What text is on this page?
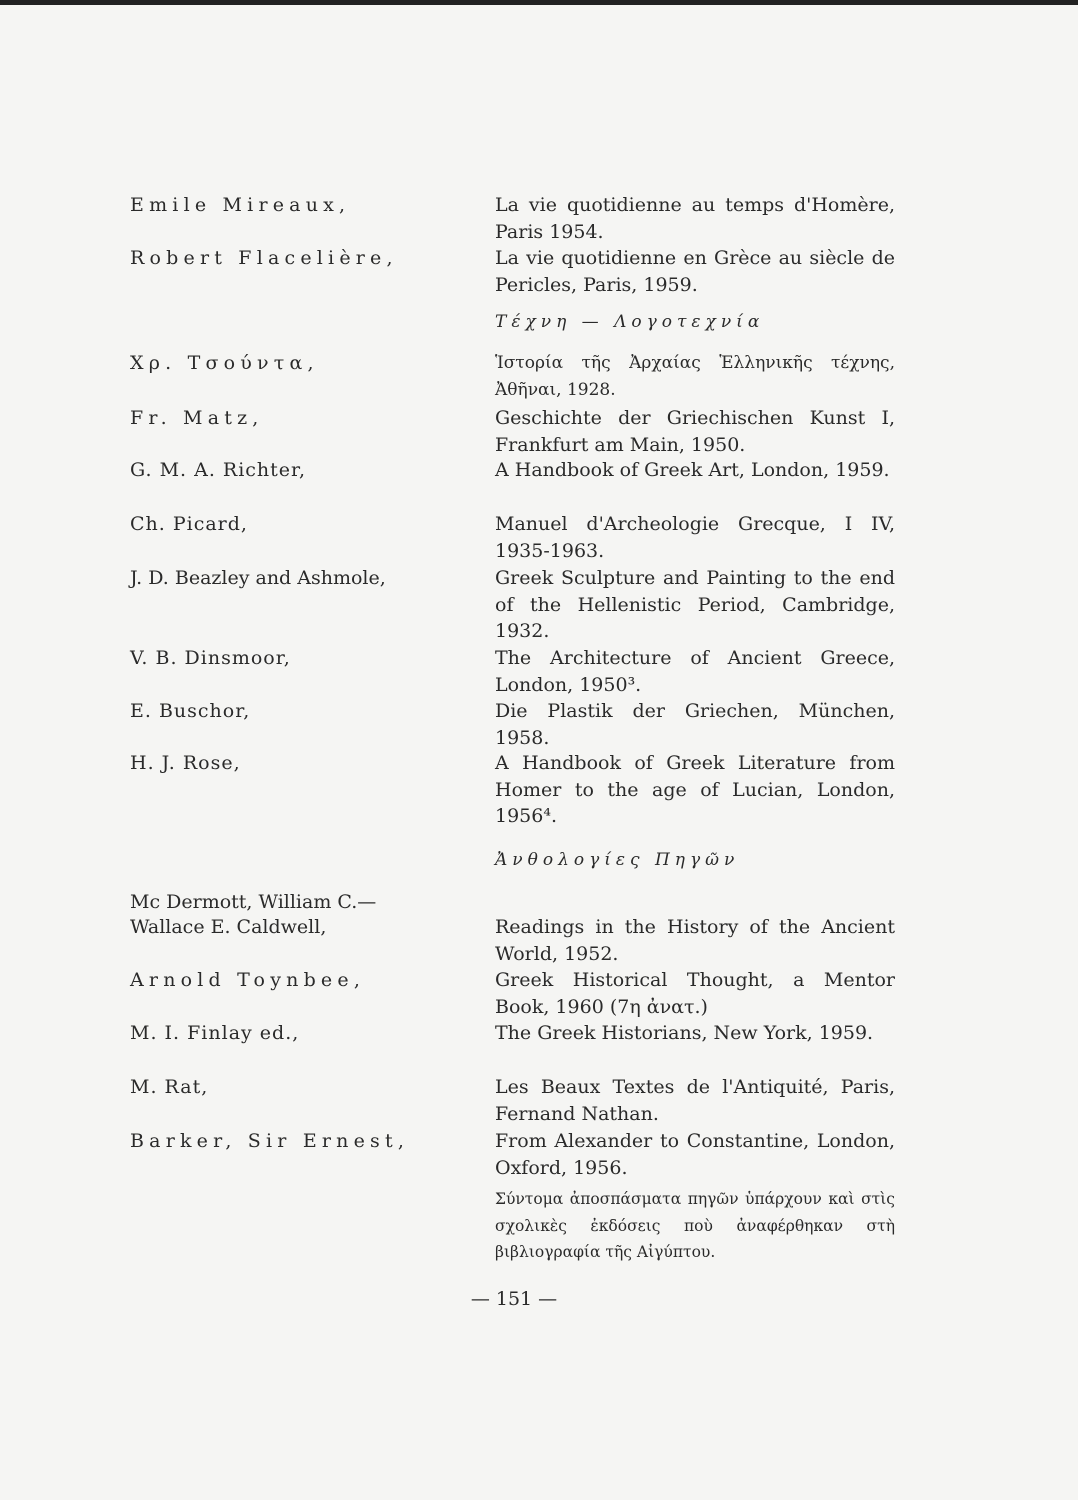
Emile Mireaux,	La vie quotidienne au temps d'Homère, Paris 1954.
Robert Flacelière,	La vie quotidienne en Grèce au siècle de Pericles, Paris, 1959.
Τέχνη — Λογοτεχνία
Χρ. Τσούντα,	Ἱστορία τῆς Ἀρχαίας Ἑλληνικῆς τέχνης, Ἀθῆναι, 1928.
Fr. Matz,	Geschichte der Griechischen Kunst I, Frankfurt am Main, 1950.
G. M. A. Richter,	A Handbook of Greek Art, London, 1959.
Ch. Picard,	Manuel d'Archeologie Grecque, I IV, 1935-1963.
J. D. Beazley and Ashmole,	Greek Sculpture and Painting to the end of the Hellenistic Period, Cambridge, 1932.
V. B. Dinsmoor,	The Architecture of Ancient Greece, London, 1950³.
E. Buschor,	Die Plastik der Griechen, München, 1958.
H. J. Rose,	A Handbook of Greek Literature from Homer to the age of Lucian, London, 1956⁴.
Ἀνθολογίες Πηγῶν
Mc Dermott, William C.—
Wallace E. Caldwell,	Readings in the History of the Ancient World, 1952.
Arnold Toynbee,	Greek Historical Thought, a Mentor Book, 1960 (7η ἀνατ.)
M. I. Finlay ed.,	The Greek Historians, New York, 1959.
M. Rat,	Les Beaux Textes de l'Antiquité, Paris, Fernand Nathan.
Barker, Sir Ernest,	From Alexander to Constantine, London, Oxford, 1956.
Σύντομα ἀποσπάσματα πηγῶν ὑπάρχουν καὶ στὶς σχολικὲς ἐκδόσεις ποὺ ἀναφέρθηκαν στὴ βιβλιογραφία τῆς Αἰγύπτου.
— 151 —
